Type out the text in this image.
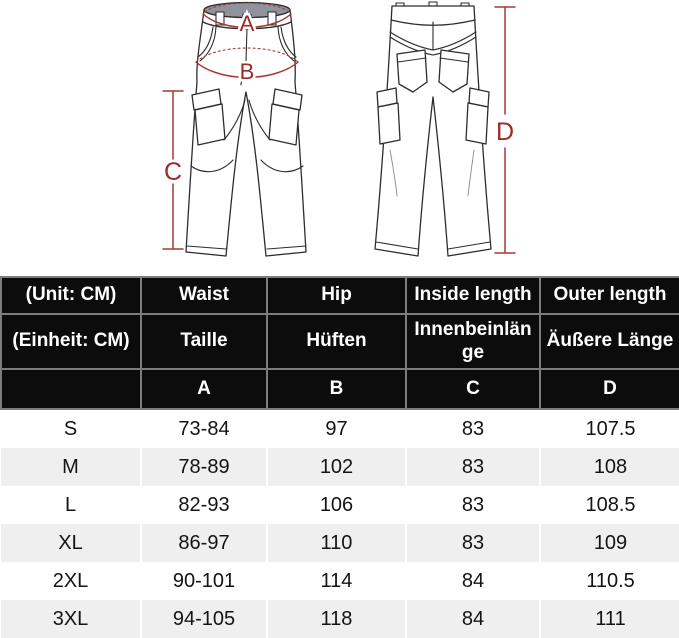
A
B
C
D
(Unit: CM)	Waist	Hip	Inside length	Outer length
(Einheit: CM)	Taille	Hüften	Innenbeinlänge	Äußere Länge
	A	B	C	D
S	73-84	97	83	107.5
M	78-89	102	83	108
L	82-93	106	83	108.5
XL	86-97	110	83	109
2XL	90-101	114	84	110.5
3XL	94-105	118	84	111
